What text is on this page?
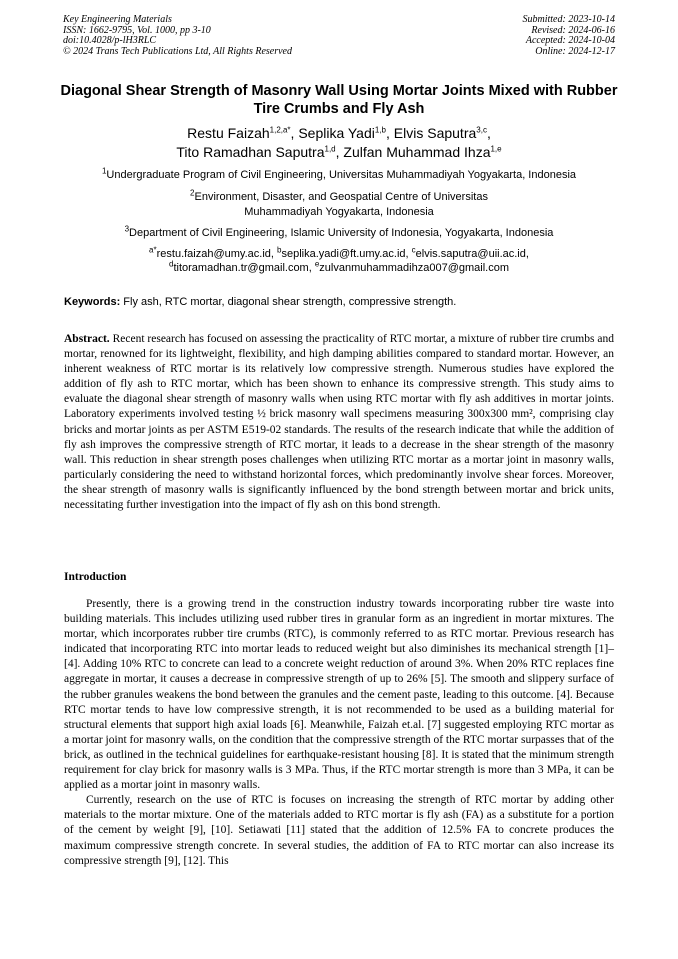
Key Engineering Materials
ISSN: 1662-9795, Vol. 1000, pp 3-10
doi:10.4028/p-lH3RLC
© 2024 Trans Tech Publications Ltd, All Rights Reserved
Submitted: 2023-10-14
Revised: 2024-06-16
Accepted: 2024-10-04
Online: 2024-12-17
Diagonal Shear Strength of Masonry Wall Using Mortar Joints Mixed with Rubber Tire Crumbs and Fly Ash
Restu Faizah$^{1,2,a*}$, Seplika Yadi$^{1,b}$, Elvis Saputra$^{3,c}$,
Tito Ramadhan Saputra$^{1,d}$, Zulfan Muhammad Ihza$^{1,e}$
$^1$Undergraduate Program of Civil Engineering, Universitas Muhammadiyah Yogyakarta, Indonesia
$^2$Environment, Disaster, and Geospatial Centre of Universitas
Muhammadiyah Yogyakarta, Indonesia
$^3$Department of Civil Engineering, Islamic University of Indonesia, Yogyakarta, Indonesia
$^{a*}$restu.faizah@umy.ac.id, $^b$seplika.yadi@ft.umy.ac.id, $^c$elvis.saputra@uii.ac.id,
$^d$titoramadhan.tr@gmail.com, $^e$zulvanmuhammadihza007@gmail.com
Keywords: Fly ash, RTC mortar, diagonal shear strength, compressive strength.
Abstract. Recent research has focused on assessing the practicality of RTC mortar, a mixture of rubber tire crumbs and mortar, renowned for its lightweight, flexibility, and high damping abilities compared to standard mortar. However, an inherent weakness of RTC mortar is its relatively low compressive strength. Numerous studies have explored the addition of fly ash to RTC mortar, which has been shown to enhance its compressive strength. This study aims to evaluate the diagonal shear strength of masonry walls when using RTC mortar with fly ash additives in mortar joints. Laboratory experiments involved testing ½ brick masonry wall specimens measuring 300x300 mm², comprising clay bricks and mortar joints as per ASTM E519-02 standards. The results of the research indicate that while the addition of fly ash improves the compressive strength of RTC mortar, it leads to a decrease in the shear strength of the masonry wall. This reduction in shear strength poses challenges when utilizing RTC mortar as a mortar joint in masonry walls, particularly considering the need to withstand horizontal forces, which predominantly involve shear forces. Moreover, the shear strength of masonry walls is significantly influenced by the bond strength between mortar and brick units, necessitating further investigation into the impact of fly ash on this bond strength.
Introduction

Presently, there is a growing trend in the construction industry towards incorporating rubber tire waste into building materials. This includes utilizing used rubber tires in granular form as an ingredient in mortar mixtures. The mortar, which incorporates rubber tire crumbs (RTC), is commonly referred to as RTC mortar. Previous research has indicated that incorporating RTC into mortar leads to reduced weight but also diminishes its mechanical strength [1]–[4]. Adding 10% RTC to concrete can lead to a concrete weight reduction of around 3%. When 20% RTC replaces fine aggregate in mortar, it causes a decrease in compressive strength of up to 26% [5]. The smooth and slippery surface of the rubber granules weakens the bond between the granules and the cement paste, leading to this outcome. [4]. Because RTC mortar tends to have low compressive strength, it is not recommended to be used as a building material for structural elements that support high axial loads [6]. Meanwhile, Faizah et.al. [7] suggested employing RTC mortar as a mortar joint for masonry walls, on the condition that the compressive strength of the RTC mortar surpasses that of the brick, as outlined in the technical guidelines for earthquake-resistant housing [8]. It is stated that the minimum strength requirement for clay brick for masonry walls is 3 MPa. Thus, if the RTC mortar strength is more than 3 MPa, it can be applied as a mortar joint in masonry walls.

Currently, research on the use of RTC is focuses on increasing the strength of RTC mortar by adding other materials to the mortar mixture. One of the materials added to RTC mortar is fly ash (FA) as a substitute for a portion of the cement by weight [9], [10]. Setiawati [11] stated that the addition of 12.5% FA to concrete produces the maximum compressive strength concrete. In several studies, the addition of FA to RTC mortar can also increase its compressive strength [9], [12]. This
